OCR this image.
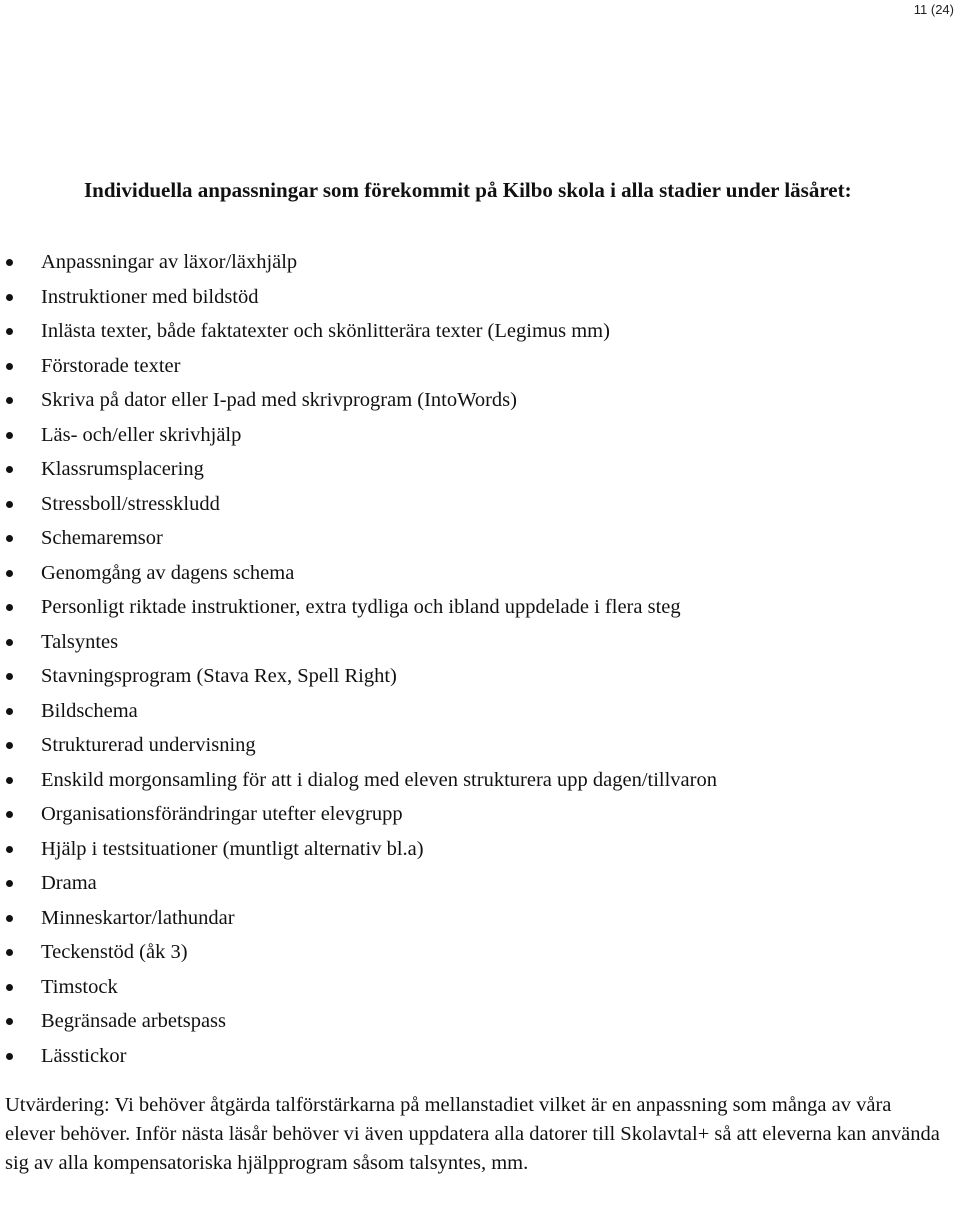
11 (24)
Individuella anpassningar som förekommit på Kilbo skola i alla stadier under läsåret:
Anpassningar av läxor/läxhjälp
Instruktioner med bildstöd
Inlästa texter, både faktatexter och skönlitterära texter (Legimus mm)
Förstorade texter
Skriva på dator eller I-pad med skrivprogram (IntoWords)
Läs- och/eller skrivhjälp
Klassrumsplacering
Stressboll/stresskludd
Schemaremsor
Genomgång av dagens schema
Personligt riktade instruktioner, extra tydliga och ibland uppdelade i flera steg
Talsyntes
Stavningsprogram (Stava Rex, Spell Right)
Bildschema
Strukturerad undervisning
Enskild morgonsamling för att i dialog med eleven strukturera upp dagen/tillvaron
Organisationsförändringar utefter elevgrupp
Hjälp i testsituationer (muntligt alternativ bl.a)
Drama
Minneskartor/lathundar
Teckenstöd (åk 3)
Timstock
Begränsade arbetspass
Lässtickor

Utvärdering: Vi behöver åtgärda talförstärkarna på mellanstadiet vilket är en anpassning som många av våra elever behöver. Inför nästa läsår behöver vi även uppdatera alla datorer till Skolavtal+ så att eleverna kan använda sig av alla kompensatoriska hjälpprogram såsom talsyntes, mm.
